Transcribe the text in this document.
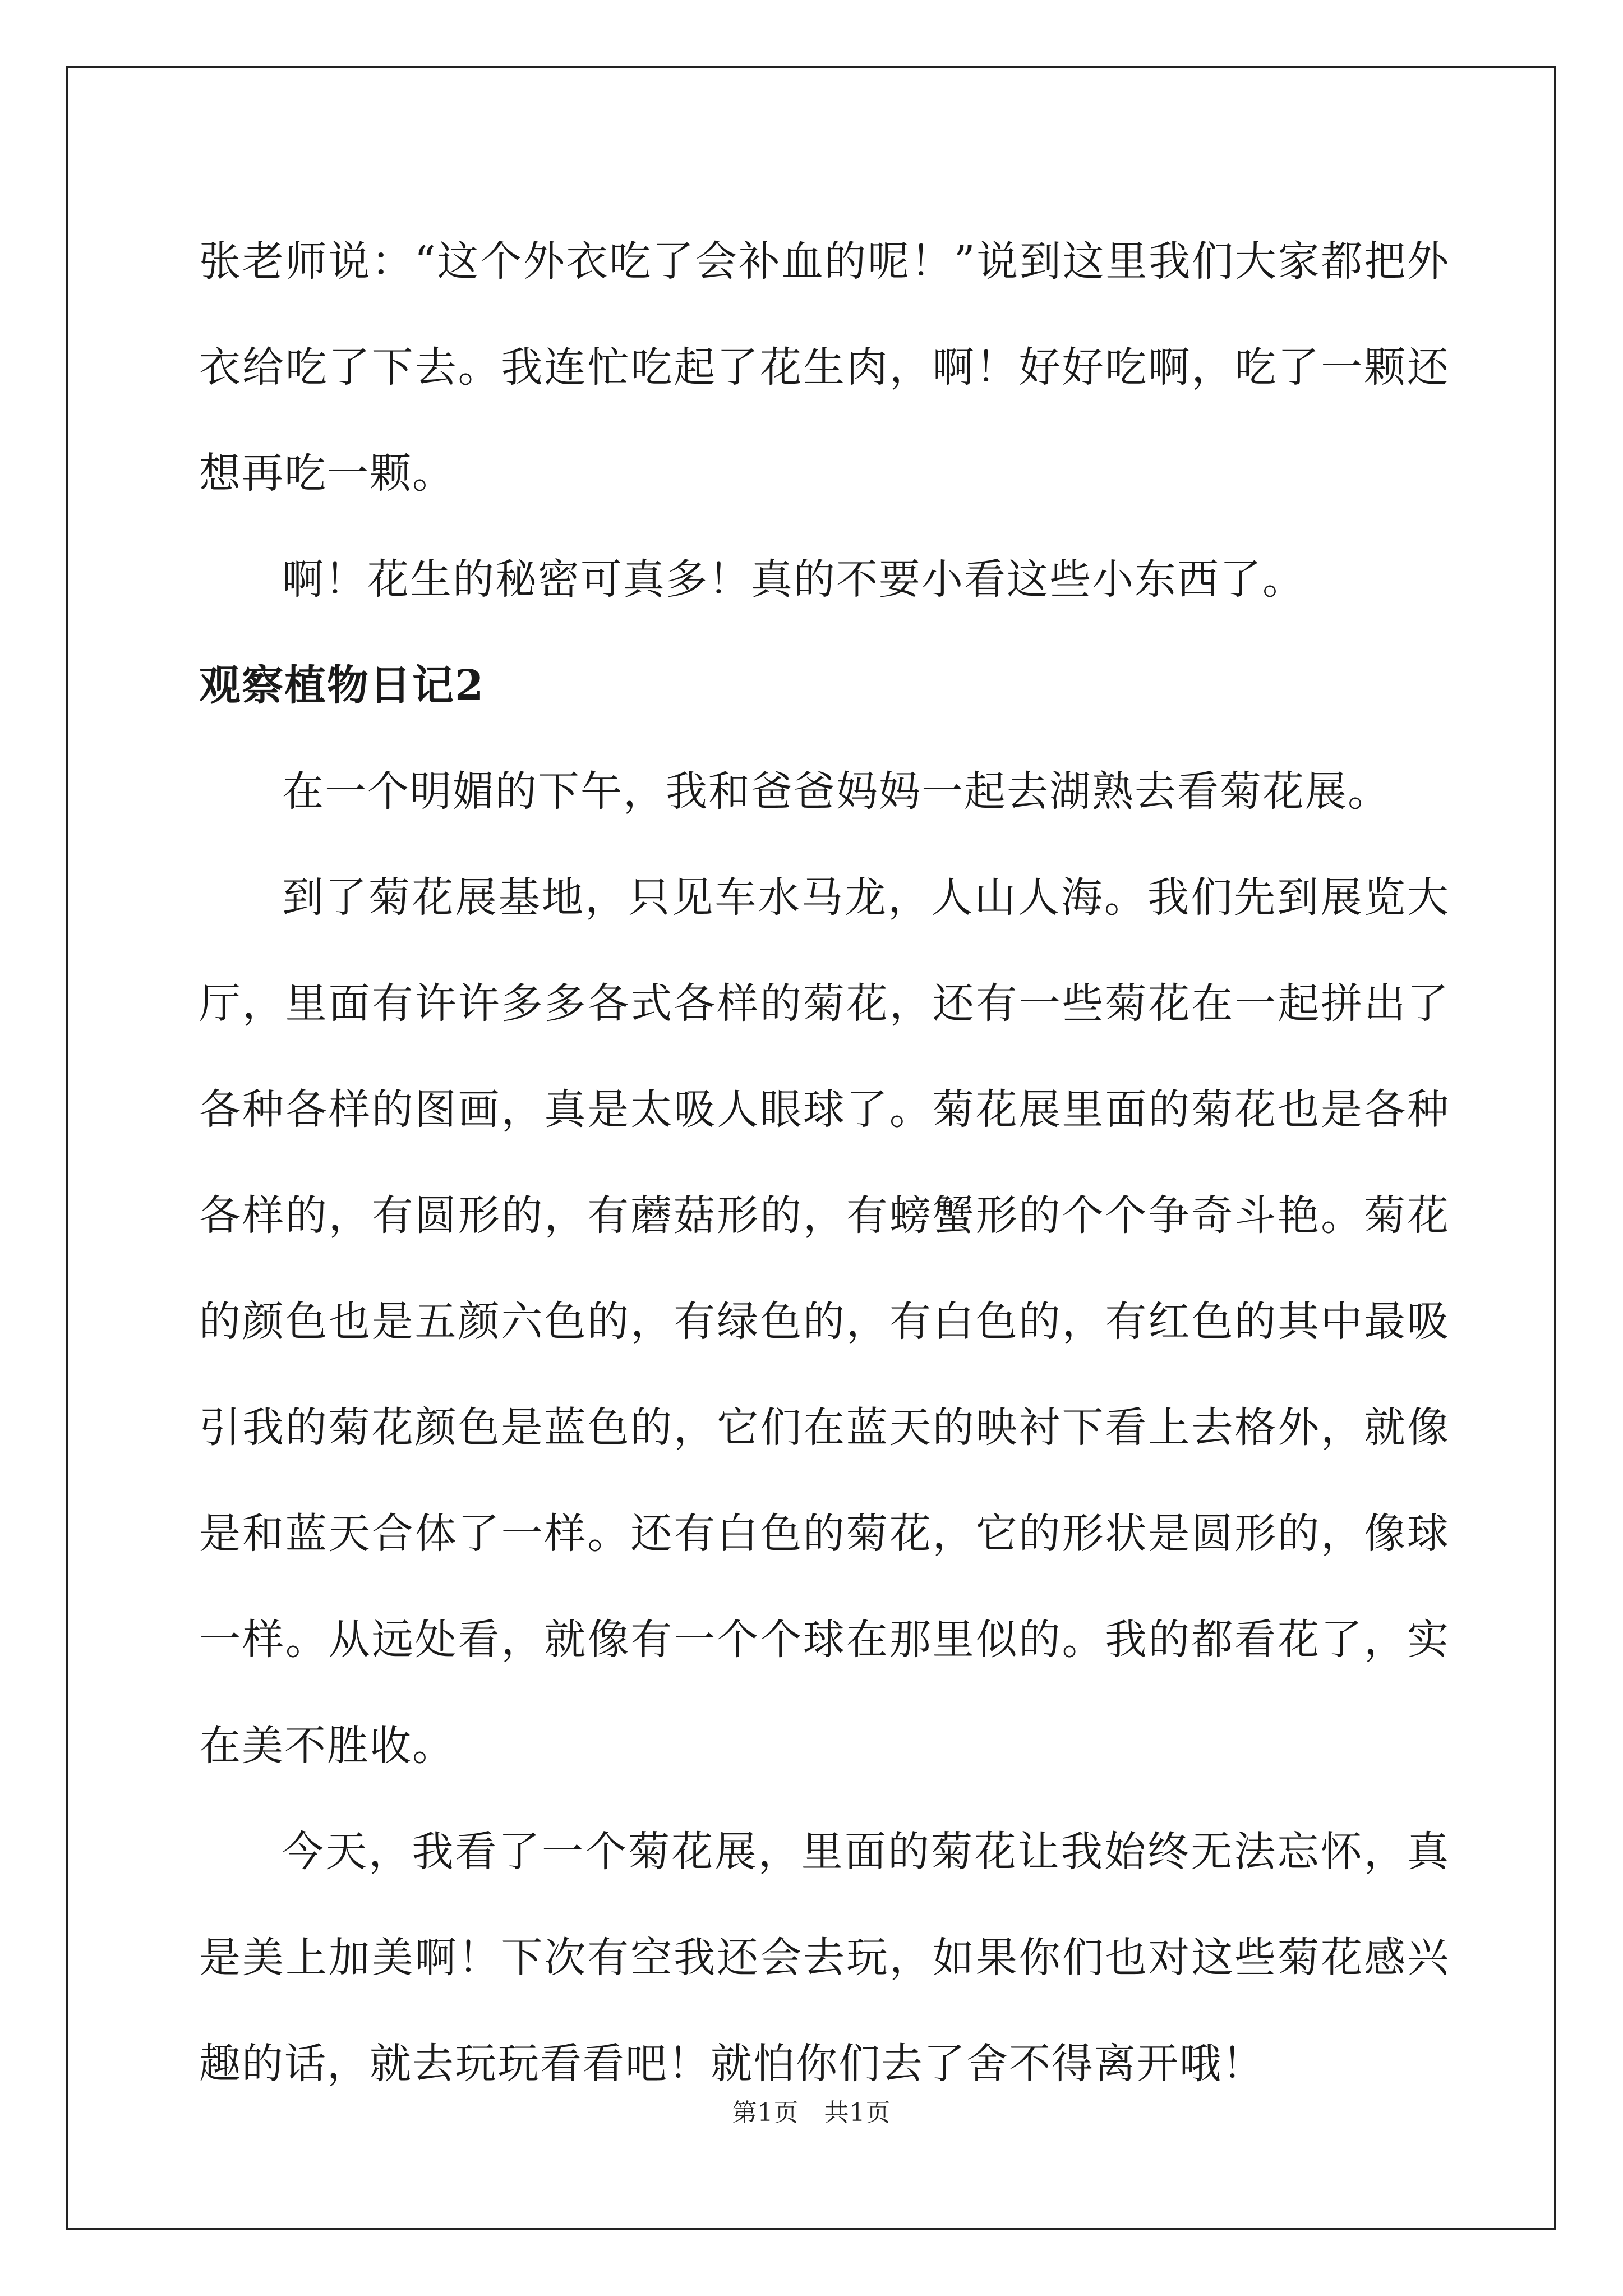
张老师说：“这个外衣吃了会补血的呢！”说到这里我们大家都把外衣给吃了下去。我连忙吃起了花生肉，啊！好好吃啊，吃了一颗还想再吃一颗。

啊！花生的秘密可真多！真的不要小看这些小东西了。

观察植物日记2

在一个明媚的下午，我和爸爸妈妈一起去湖熟去看菊花展。

到了菊花展基地，只见车水马龙，人山人海。我们先到展览大厅，里面有许许多多各式各样的菊花，还有一些菊花在一起拼出了各种各样的图画，真是太吸人眼球了。菊花展里面的菊花也是各种各样的，有圆形的，有蘑菇形的，有螃蟹形的个个争奇斗艳。菊花的颜色也是五颜六色的，有绿色的，有白色的，有红色的其中最吸引我的菊花颜色是蓝色的，它们在蓝天的映衬下看上去格外，就像是和蓝天合体了一样。还有白色的菊花，它的形状是圆形的，像球一样。从远处看，就像有一个个球在那里似的。我的都看花了，实在美不胜收。

今天，我看了一个菊花展，里面的菊花让我始终无法忘怀，真是美上加美啊！下次有空我还会去玩，如果你们也对这些菊花感兴趣的话，就去玩玩看看吧！就怕你们去了舍不得离开哦！

第1页　共1页
